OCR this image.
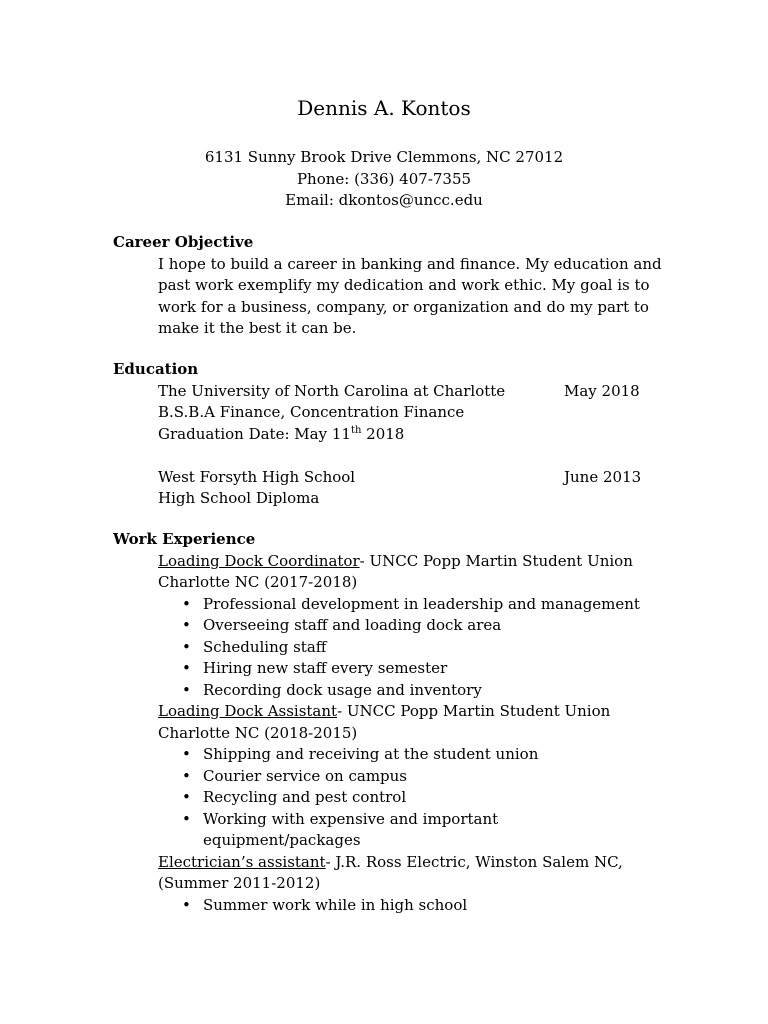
Dennis A. Kontos
6131 Sunny Brook Drive Clemmons, NC 27012
Phone: (336) 407-7355
Email: dkontos@uncc.edu
Career Objective
I hope to build a career in banking and finance. My education and
past work exemplify my dedication and work ethic. My goal is to
work for a business, company, or organization and do my part to
make it the best it can be.
Education
The University of North Carolina at Charlotte	May 2018
B.S.B.A Finance, Concentration Finance
Graduation Date: May 11th 2018
West Forsyth High School	June 2013
High School Diploma
Work Experience
Loading Dock Coordinator- UNCC Popp Martin Student Union
Charlotte NC (2017-2018)
• Professional development in leadership and management
• Overseeing staff and loading dock area
• Scheduling staff
• Hiring new staff every semester
• Recording dock usage and inventory
Loading Dock Assistant- UNCC Popp Martin Student Union
Charlotte NC (2018-2015)
• Shipping and receiving at the student union
• Courier service on campus
• Recycling and pest control
• Working with expensive and important
equipment/packages
Electrician’s assistant- J.R. Ross Electric, Winston Salem NC,
(Summer 2011-2012)
• Summer work while in high school
